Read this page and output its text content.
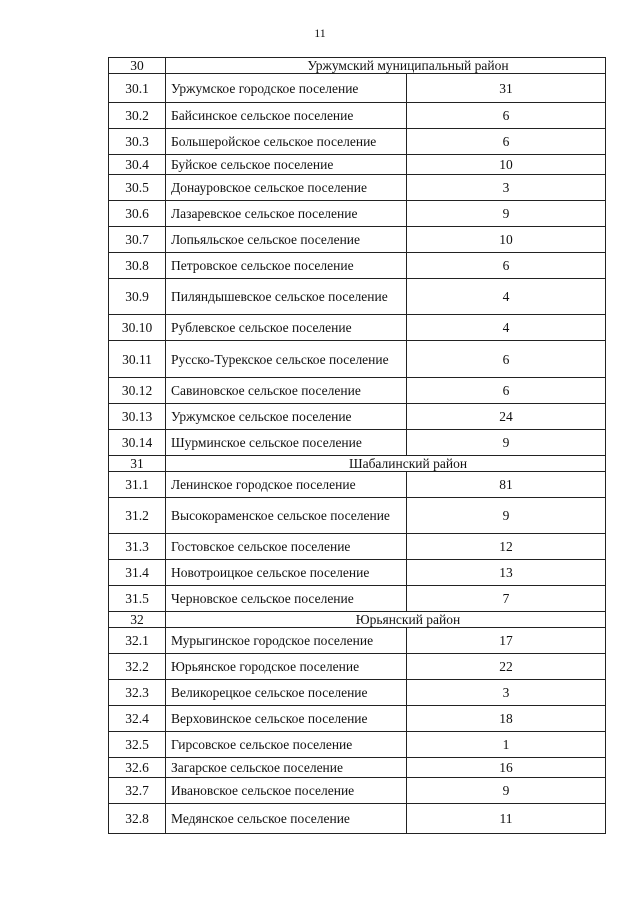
11
30	Уржумский муниципальный район	
30.1	Уржумское городское поселение	31
30.2	Байсинское сельское поселение	6
30.3	Большеройское сельское поселение	6
30.4	Буйское сельское поселение	10
30.5	Донауровское сельское поселение	3
30.6	Лазаревское сельское поселение	9
30.7	Лопьяльское сельское поселение	10
30.8	Петровское сельское поселение	6
30.9	Пиляндышевское сельское поселение	4
30.10	Рублевское сельское поселение	4
30.11	Русско-Турекское сельское поселение	6
30.12	Савиновское сельское поселение	6
30.13	Уржумское сельское поселение	24
30.14	Шурминское сельское поселение	9
31	Шабалинский район	
31.1	Ленинское городское поселение	81
31.2	Высокораменское сельское поселение	9
31.3	Гостовское сельское поселение	12
31.4	Новотроицкое сельское поселение	13
31.5	Черновское сельское поселение	7
32	Юрьянский район	
32.1	Мурыгинское городское поселение	17
32.2	Юрьянское городское поселение	22
32.3	Великорецкое сельское поселение	3
32.4	Верховинское сельское поселение	18
32.5	Гирсовское сельское поселение	1
32.6	Загарское сельское поселение	16
32.7	Ивановское сельское поселение	9
32.8	Медянское сельское поселение	11
